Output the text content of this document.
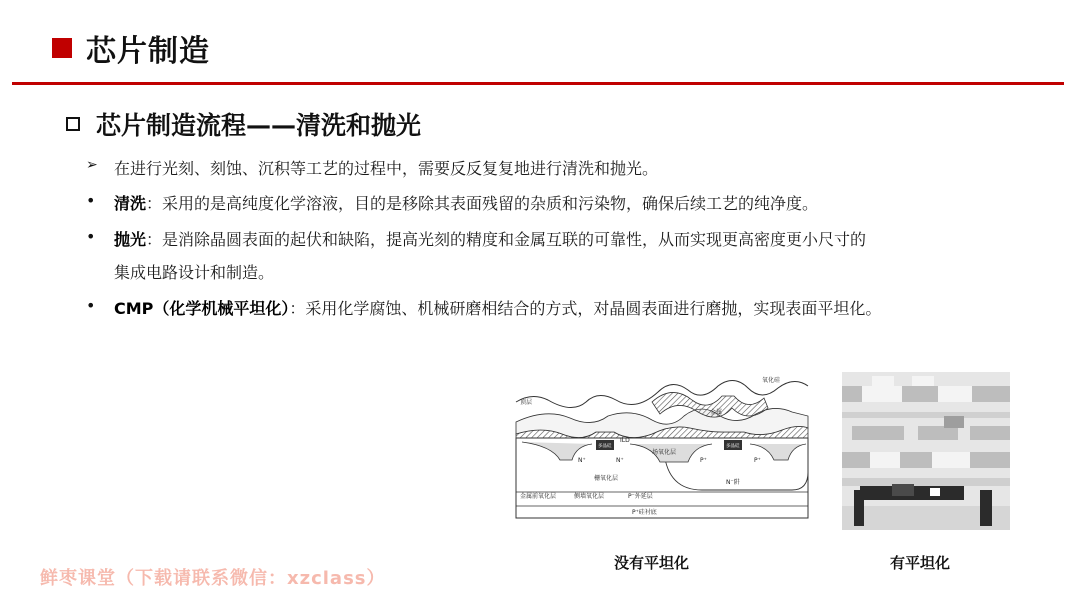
芯片制造
芯片制造流程——清洗和抛光
➢ 在进行光刻、刻蚀、沉积等工艺的过程中，需要反反复复地进行清洗和抛光。
• 清洗：采用的是高纯度化学溶液，目的是移除其表面残留的杂质和污染物，确保后续工艺的纯净度。
• 抛光：是消除晶圆表面的起伏和缺陷，提高光刻的精度和金属互联的可靠性，从而实现更高密度更小尺寸的
集成电路设计和制造。
• CMP（化学机械平坦化）：采用化学腐蚀、机械研磨相结合的方式，对晶圆表面进行磨抛，实现表面平坦化。
顶层
氧化硅
金属
ILD
多晶硅	多晶硅
N⁺	N⁺	P⁺	P⁺
场氧化层
N⁻阱
栅氧化层
金属前氧化层	侧墙氧化层	P⁻外延层
P⁺硅衬底
没有平坦化	有平坦化
鲜枣课堂（下载请联系微信：xzclass）
